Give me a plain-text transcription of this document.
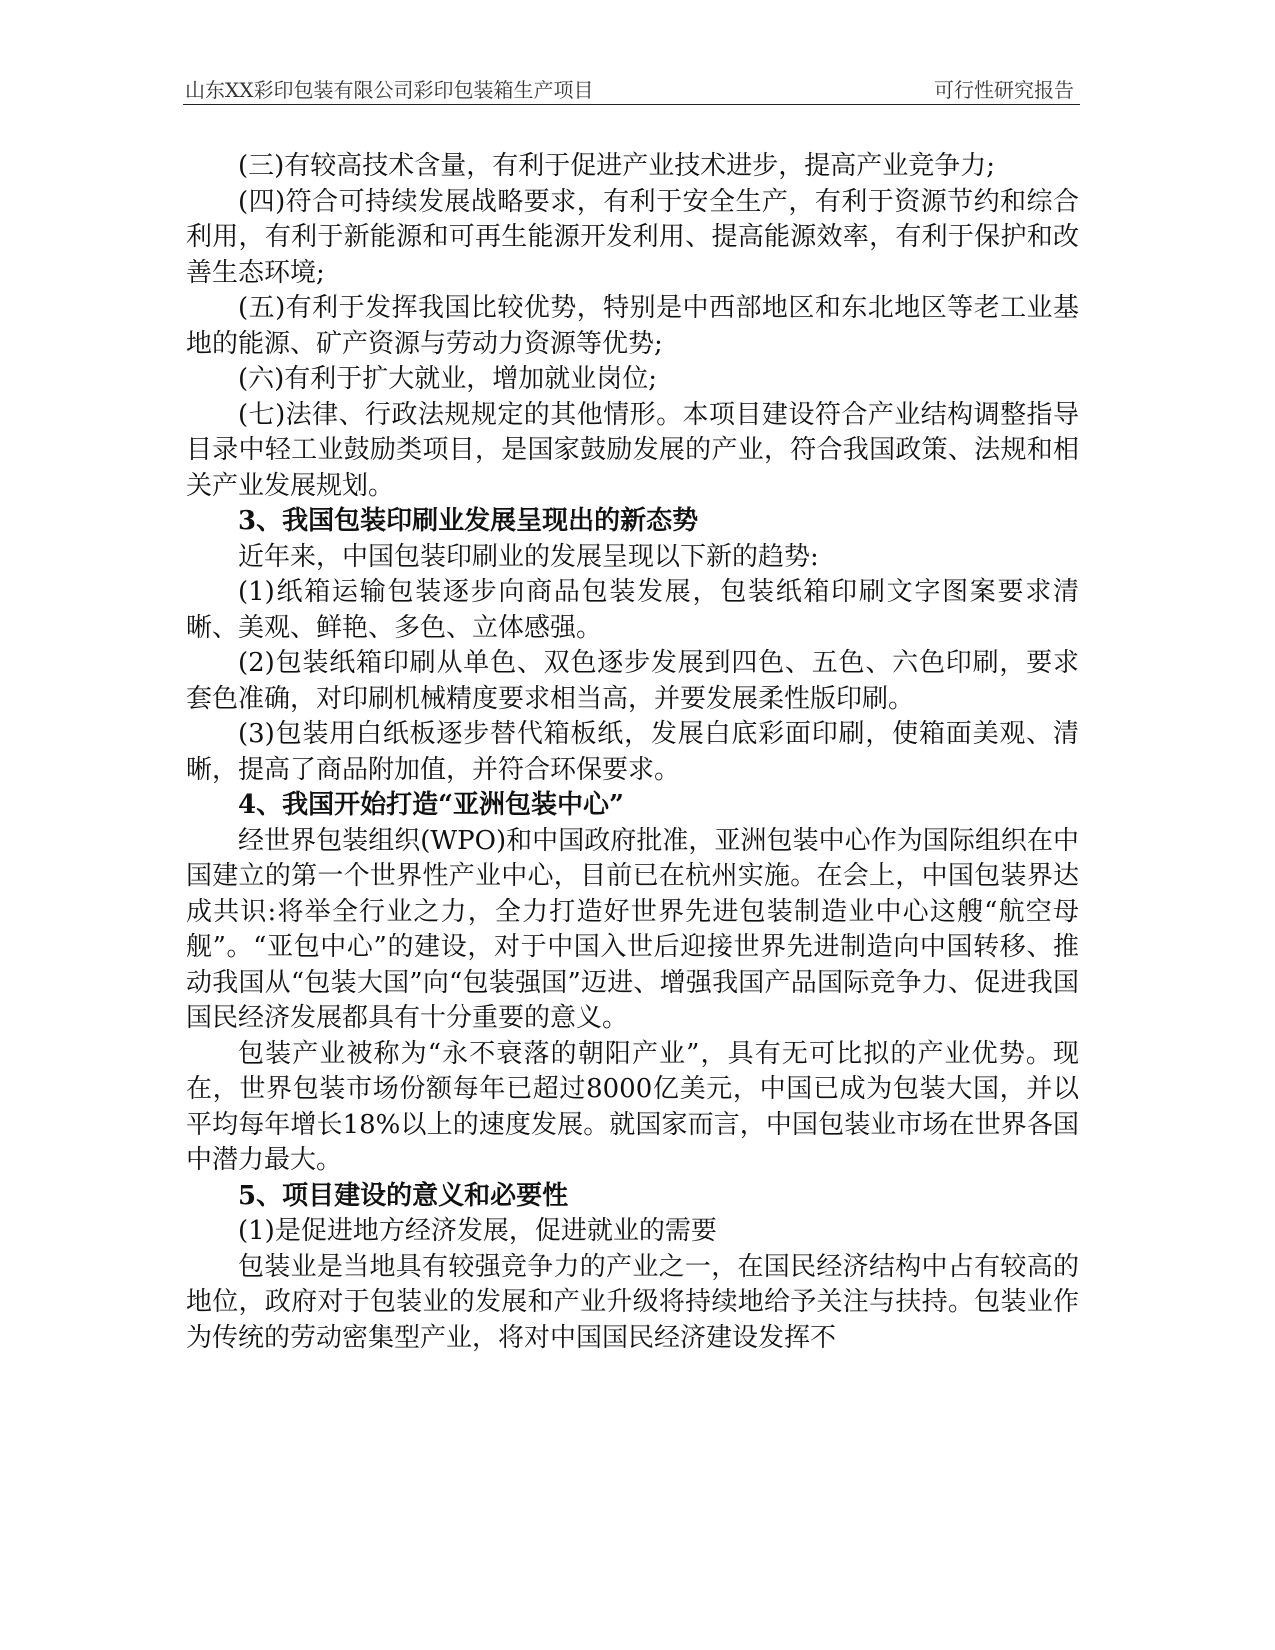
山东XX彩印包装有限公司彩印包装箱生产项目	可行性研究报告

(三)有较高技术含量，有利于促进产业技术进步，提高产业竞争力;

(四)符合可持续发展战略要求，有利于安全生产，有利于资源节约和综合利用，有利于新能源和可再生能源开发利用、提高能源效率，有利于保护和改善生态环境;

(五)有利于发挥我国比较优势，特别是中西部地区和东北地区等老工业基地的能源、矿产资源与劳动力资源等优势;

(六)有利于扩大就业，增加就业岗位;

(七)法律、行政法规规定的其他情形。本项目建设符合产业结构调整指导目录中轻工业鼓励类项目，是国家鼓励发展的产业，符合我国政策、法规和相关产业发展规划。

3、我国包装印刷业发展呈现出的新态势

近年来，中国包装印刷业的发展呈现以下新的趋势:

(1)纸箱运输包装逐步向商品包装发展，包装纸箱印刷文字图案要求清晰、美观、鲜艳、多色、立体感强。

(2)包装纸箱印刷从单色、双色逐步发展到四色、五色、六色印刷，要求套色准确，对印刷机械精度要求相当高，并要发展柔性版印刷。

(3)包装用白纸板逐步替代箱板纸，发展白底彩面印刷，使箱面美观、清晰，提高了商品附加值，并符合环保要求。

4、我国开始打造“亚洲包装中心”

经世界包装组织(WPO)和中国政府批准，亚洲包装中心作为国际组织在中国建立的第一个世界性产业中心，目前已在杭州实施。在会上，中国包装界达成共识:将举全行业之力，全力打造好世界先进包装制造业中心这艘“航空母舰”。“亚包中心”的建设，对于中国入世后迎接世界先进制造向中国转移、推动我国从“包装大国”向“包装强国”迈进、增强我国产品国际竞争力、促进我国国民经济发展都具有十分重要的意义。

包装产业被称为“永不衰落的朝阳产业”，具有无可比拟的产业优势。现在，世界包装市场份额每年已超过8000亿美元，中国已成为包装大国，并以平均每年增长18%以上的速度发展。就国家而言，中国包装业市场在世界各国中潜力最大。

5、项目建设的意义和必要性

(1)是促进地方经济发展，促进就业的需要

包装业是当地具有较强竞争力的产业之一，在国民经济结构中占有较高的地位，政府对于包装业的发展和产业升级将持续地给予关注与扶持。包装业作为传统的劳动密集型产业，将对中国国民经济建设发挥不
